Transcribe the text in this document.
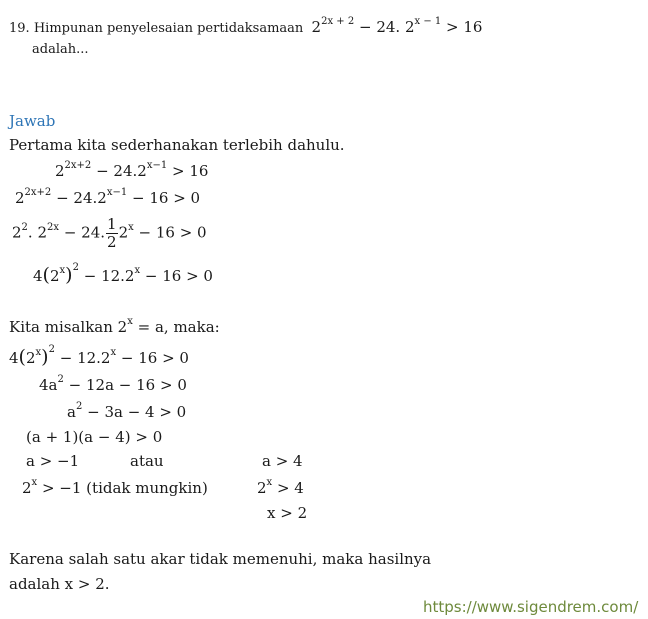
19. Himpunan penyelesaian pertidaksamaan $2^{2x + 2} - 24$. $2^{x - 1} > 16$
adalah...
Jawab
Pertama kita sederhanakan terlebih dahulu.
$2^{2x+2} - 24.2^{x-1} > 16$
$2^{2x+2} - 24.2^{x-1} - 16 > 0$
$2^2$. $2^{2x} - 24$. $\frac{1}{2} 2^x - 16 > 0$
$4(2^x)^2 - 12.2^x - 16 > 0$
Kita misalkan $2^x = a$, maka:
$4(2^x)^2 - 12.2^x - 16 > 0$
$4a^2 - 12a - 16 > 0$
$a^2 - 3a - 4 > 0$
(a + 1)(a − 4) > 0
a > −1	atau	a > 4
$2^x > -1$ (tidak mungkin)	$2^x > 4$
x > 2
Karena salah satu akar tidak memenuhi, maka hasilnya
adalah x > 2.
https://www.sigendrem.com/
